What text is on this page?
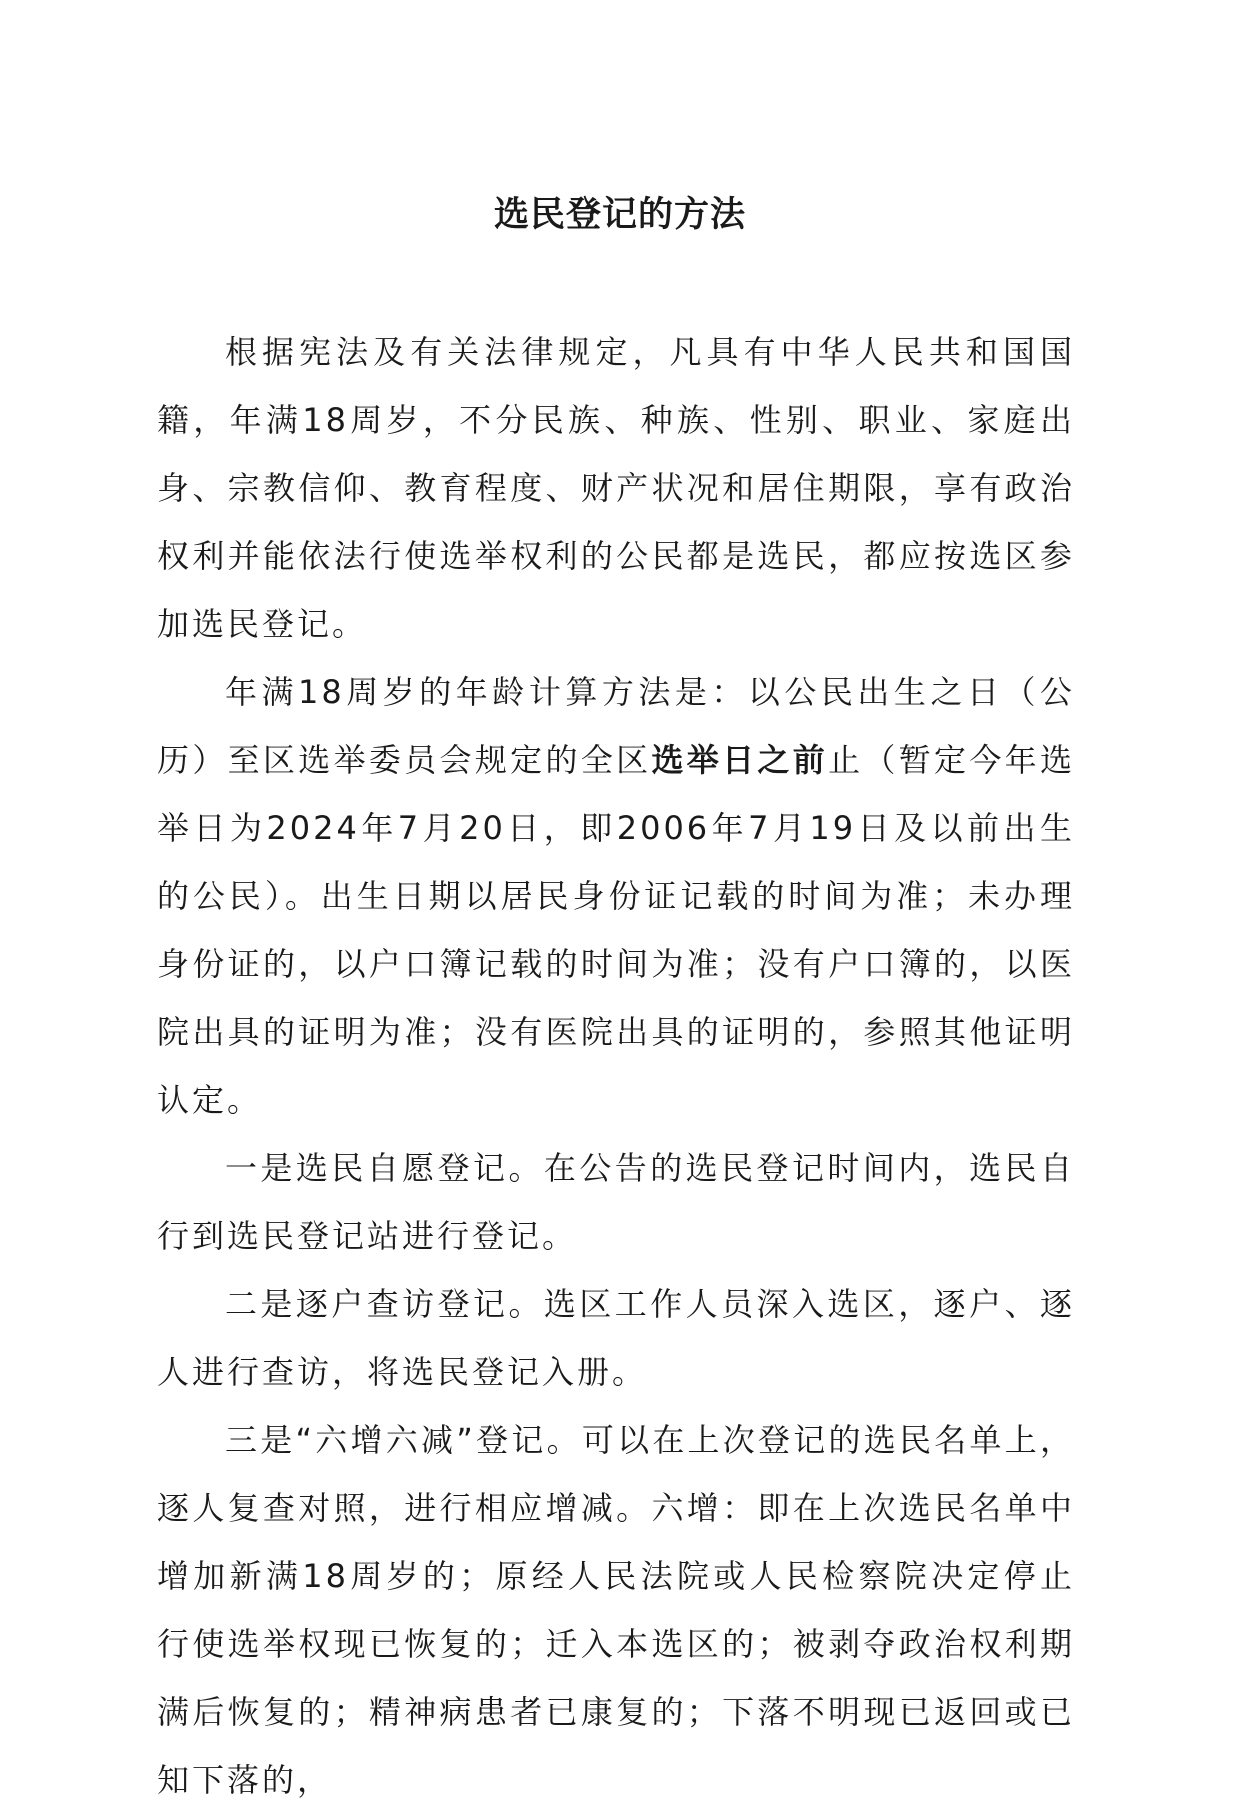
选民登记的方法

根据宪法及有关法律规定，凡具有中华人民共和国国籍，年满18周岁，不分民族、种族、性别、职业、家庭出身、宗教信仰、教育程度、财产状况和居住期限，享有政治权利并能依法行使选举权利的公民都是选民，都应按选区参加选民登记。

年满18周岁的年龄计算方法是：以公民出生之日（公历）至区选举委员会规定的全区选举日之前止（暂定今年选举日为2024年7月20日，即2006年7月19日及以前出生的公民）。出生日期以居民身份证记载的时间为准；未办理身份证的，以户口簿记载的时间为准；没有户口簿的，以医院出具的证明为准；没有医院出具的证明的，参照其他证明认定。

一是选民自愿登记。在公告的选民登记时间内，选民自行到选民登记站进行登记。

二是逐户查访登记。选区工作人员深入选区，逐户、逐人进行查访，将选民登记入册。

三是“六增六减”登记。可以在上次登记的选民名单上，逐人复查对照，进行相应增减。六增：即在上次选民名单中增加新满18周岁的；原经人民法院或人民检察院决定停止行使选举权现已恢复的；迁入本选区的；被剥夺政治权利期满后恢复的；精神病患者已康复的；下落不明现已返回或已知下落的，
